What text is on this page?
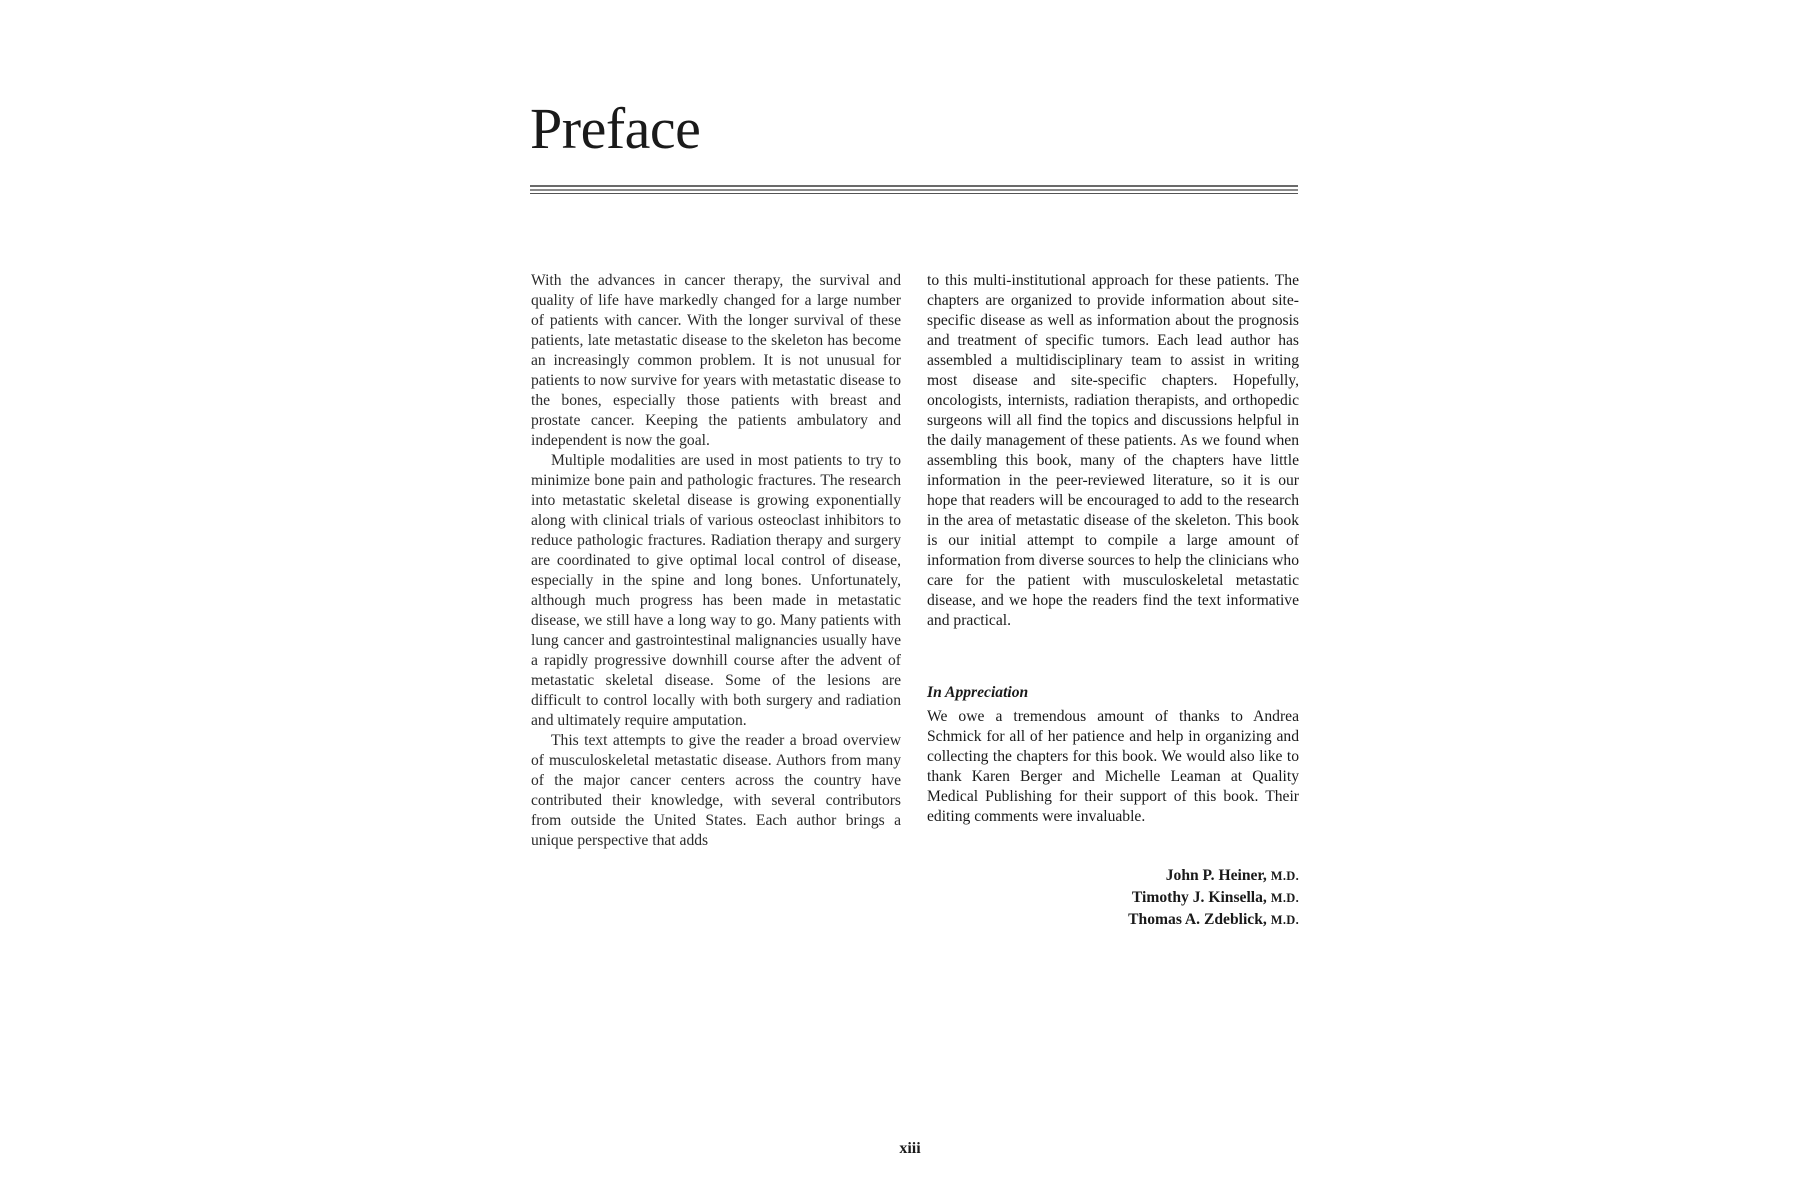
Preface

With the advances in cancer therapy, the survival and quality of life have markedly changed for a large number of patients with cancer. With the longer survival of these patients, late metastatic disease to the skeleton has become an increasingly common problem. It is not unusual for patients to now survive for years with metastatic disease to the bones, especially those patients with breast and prostate cancer. Keeping the patients ambulatory and independent is now the goal.

Multiple modalities are used in most patients to try to minimize bone pain and pathologic fractures. The research into metastatic skeletal disease is growing exponentially along with clinical trials of various osteoclast inhibitors to reduce pathologic fractures. Radiation therapy and surgery are coordinated to give optimal local control of disease, especially in the spine and long bones. Unfortunately, although much progress has been made in metastatic disease, we still have a long way to go. Many patients with lung cancer and gastrointestinal malignancies usually have a rapidly progressive downhill course after the advent of metastatic skeletal disease. Some of the lesions are difficult to control locally with both surgery and radiation and ultimately require amputation.

This text attempts to give the reader a broad overview of musculoskeletal metastatic disease. Authors from many of the major cancer centers across the country have contributed their knowledge, with several contributors from outside the United States. Each author brings a unique perspective that adds

to this multi-institutional approach for these patients. The chapters are organized to provide information about site-specific disease as well as information about the prognosis and treatment of specific tumors. Each lead author has assembled a multidisciplinary team to assist in writing most disease and site-specific chapters. Hopefully, oncologists, internists, radiation therapists, and orthopedic surgeons will all find the topics and discussions helpful in the daily management of these patients. As we found when assembling this book, many of the chapters have little information in the peer-reviewed literature, so it is our hope that readers will be encouraged to add to the research in the area of metastatic disease of the skeleton. This book is our initial attempt to compile a large amount of information from diverse sources to help the clinicians who care for the patient with musculoskeletal metastatic disease, and we hope the readers find the text informative and practical.

In Appreciation

We owe a tremendous amount of thanks to Andrea Schmick for all of her patience and help in organizing and collecting the chapters for this book. We would also like to thank Karen Berger and Michelle Leaman at Quality Medical Publishing for their support of this book. Their editing comments were invaluable.

John P. Heiner, M.D.
Timothy J. Kinsella, M.D.
Thomas A. Zdeblick, M.D.
xiii
